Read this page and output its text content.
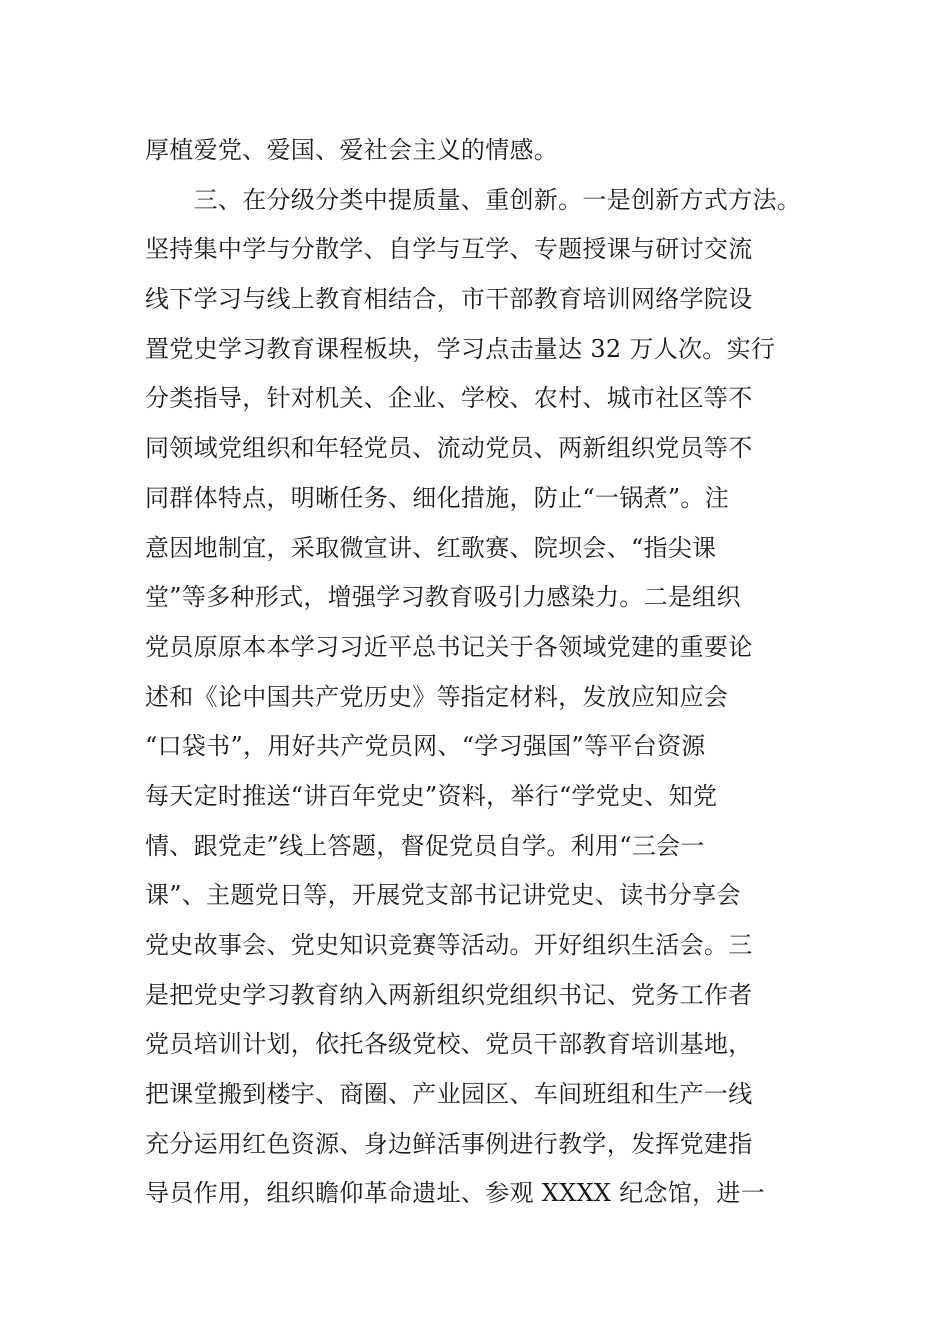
厚植爱党、爱国、爱社会主义的情感。
　　三、在分级分类中提质量、重创新。一是创新方式方法。
坚持集中学与分散学、自学与互学、专题授课与研讨交流
线下学习与线上教育相结合，市干部教育培训网络学院设
置党史学习教育课程板块，学习点击量达 32 万人次。实行
分类指导，针对机关、企业、学校、农村、城市社区等不
同领域党组织和年轻党员、流动党员、两新组织党员等不
同群体特点，明晰任务、细化措施，防止“一锅煮”。注
意因地制宜，采取微宣讲、红歌赛、院坝会、“指尖课
堂”等多种形式，增强学习教育吸引力感染力。二是组织
党员原原本本学习习近平总书记关于各领域党建的重要论
述和《论中国共产党历史》等指定材料，发放应知应会
“口袋书”，用好共产党员网、“学习强国”等平台资源
每天定时推送“讲百年党史”资料，举行“学党史、知党
情、跟党走”线上答题，督促党员自学。利用“三会一
课”、主题党日等，开展党支部书记讲党史、读书分享会
党史故事会、党史知识竞赛等活动。开好组织生活会。三
是把党史学习教育纳入两新组织党组织书记、党务工作者
党员培训计划，依托各级党校、党员干部教育培训基地，
把课堂搬到楼宇、商圈、产业园区、车间班组和生产一线
充分运用红色资源、身边鲜活事例进行教学，发挥党建指
导员作用，组织瞻仰革命遗址、参观 XXXX 纪念馆，进一
